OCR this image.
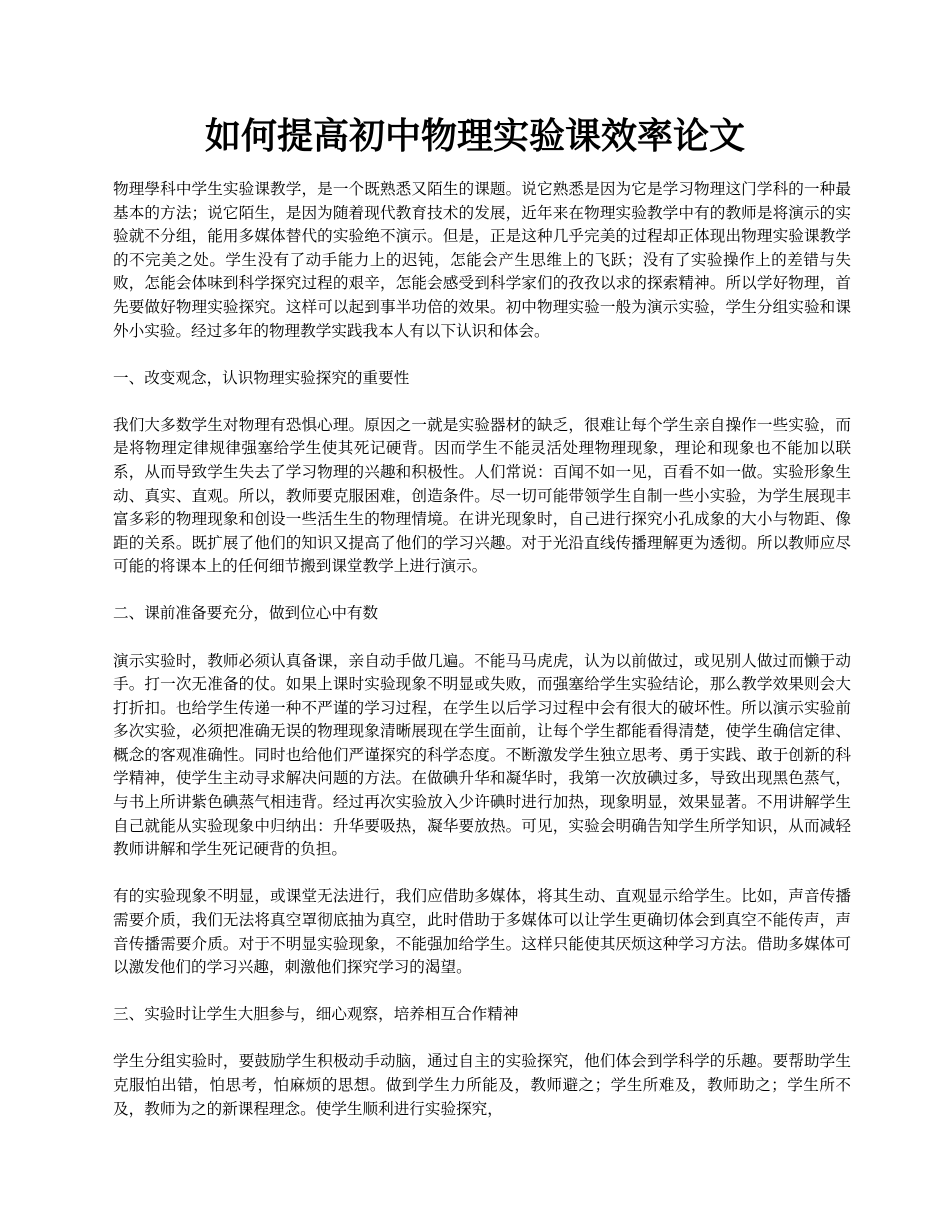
如何提高初中物理实验课效率论文

物理學科中学生实验课教学，是一个既熟悉又陌生的课题。说它熟悉是因为它是学习物理这门学科的一种最基本的方法；说它陌生，是因为随着现代教育技术的发展，近年来在物理实验教学中有的教师是将演示的实验就不分组，能用多媒体替代的实验绝不演示。但是，正是这种几乎完美的过程却正体现出物理实验课教学的不完美之处。学生没有了动手能力上的迟钝，怎能会产生思维上的飞跃；没有了实验操作上的差错与失败，怎能会体味到科学探究过程的艰辛，怎能会感受到科学家们的孜孜以求的探索精神。所以学好物理，首先要做好物理实验探究。这样可以起到事半功倍的效果。初中物理实验一般为演示实验，学生分组实验和课外小实验。经过多年的物理教学实践我本人有以下认识和体会。

一、改变观念，认识物理实验探究的重要性

我们大多数学生对物理有恐惧心理。原因之一就是实验器材的缺乏，很难让每个学生亲自操作一些实验，而是将物理定律规律强塞给学生使其死记硬背。因而学生不能灵活处理物理现象，理论和现象也不能加以联系，从而导致学生失去了学习物理的兴趣和积极性。人们常说：百闻不如一见，百看不如一做。实验形象生动、真实、直观。所以，教师要克服困难，创造条件。尽一切可能带领学生自制一些小实验，为学生展现丰富多彩的物理现象和创设一些活生生的物理情境。在讲光现象时，自己进行探究小孔成象的大小与物距、像距的关系。既扩展了他们的知识又提高了他们的学习兴趣。对于光沿直线传播理解更为透彻。所以教师应尽可能的将课本上的任何细节搬到课堂教学上进行演示。

二、课前准备要充分，做到位心中有数

演示实验时，教师必须认真备课，亲自动手做几遍。不能马马虎虎，认为以前做过，或见别人做过而懒于动手。打一次无准备的仗。如果上课时实验现象不明显或失败，而强塞给学生实验结论，那么教学效果则会大打折扣。也给学生传递一种不严谨的学习过程，在学生以后学习过程中会有很大的破坏性。所以演示实验前多次实验，必须把准确无误的物理现象清晰展现在学生面前，让每个学生都能看得清楚，使学生确信定律、概念的客观准确性。同时也给他们严谨探究的科学态度。不断激发学生独立思考、勇于实践、敢于创新的科学精神，使学生主动寻求解决问题的方法。在做碘升华和凝华时，我第一次放碘过多，导致出现黑色蒸气，与书上所讲紫色碘蒸气相违背。经过再次实验放入少许碘时进行加热，现象明显，效果显著。不用讲解学生自己就能从实验现象中归纳出：升华要吸热，凝华要放热。可见，实验会明确告知学生所学知识，从而减轻教师讲解和学生死记硬背的负担。

有的实验现象不明显，或课堂无法进行，我们应借助多媒体，将其生动、直观显示给学生。比如，声音传播需要介质，我们无法将真空罩彻底抽为真空，此时借助于多媒体可以让学生更确切体会到真空不能传声，声音传播需要介质。对于不明显实验现象，不能强加给学生。这样只能使其厌烦这种学习方法。借助多媒体可以激发他们的学习兴趣，刺激他们探究学习的渴望。

三、实验时让学生大胆参与，细心观察，培养相互合作精神

学生分组实验时，要鼓励学生积极动手动脑，通过自主的实验探究，他们体会到学科学的乐趣。要帮助学生克服怕出错，怕思考，怕麻烦的思想。做到学生力所能及，教师避之；学生所难及，教师助之；学生所不及，教师为之的新课程理念。使学生顺利进行实验探究，
